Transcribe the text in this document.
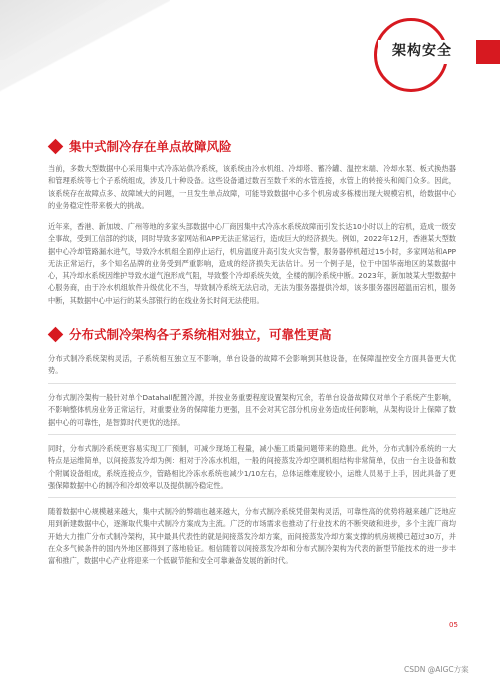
架构安全
集中式制冷存在单点故障风险

当前，多数大型数据中心采用集中式冷冻站供冷系统，该系统由冷水机组、冷却塔、蓄冷罐、温控末端、冷却水泵、板式换热器和管理系统等七个子系统组成，涉及几十种设备。这些设备通过数百至数千米的水管连接，水管上的转接头和阀门众多。因此，该系统存在故障点多、故障域大的问题，一旦发生单点故障，可能导致数据中心多个机房或多栋楼出现大规模宕机，给数据中心的业务稳定性带来极大的挑战。

近年来，香港、新加坡、广州等地的多家头部数据中心厂商因集中式冷冻水系统故障而引发长达10小时以上的宕机，造成一级安全事故，受到工信部的约谈，同时导致多家网站和APP无法正常运行，造成巨大的经济损失。例如，2022年12月，香港某大型数据中心冷却管路漏水进气，导致冷水机组全面停止运行，机房温度升高引发火灾告警，服务器停机超过15小时，多家网站和APP无法正常运行，多个知名品牌的业务受到严重影响，造成的经济损失无法估计。另一个例子是，位于中国华南地区的某数据中心，其冷却水系统因维护导致水道气泡形成气阻，导致整个冷却系统失效，全楼的制冷系统中断。2023年，新加坡某大型数据中心服务商，由于冷水机组软件升级优化不当，导致制冷系统无法启动，无法为服务器提供冷却，该多服务器因超温而宕机，服务中断，其数据中心中运行的某头部银行的在线业务长时间无法使用。

分布式制冷架构各子系统相对独立，可靠性更高

分布式制冷系统架构灵活，子系统相互独立互不影响，单台设备的故障不会影响到其他设备，在保障温控安全方面具备更大优势。

分布式制冷架构一般针对单个Datahall配置冷源，并按业务重要程度设置架构冗余，若单台设备故障仅对单个子系统产生影响，不影响整体机房业务正常运行，对重要业务的保障能力更强，且不会对其它部分机房业务造成任何影响，从架构设计上保障了数据中心的可靠性，是智算时代更优的选择。

同时，分布式制冷系统更容易实现工厂预制，可减少现场工程量，减小施工质量问题带来的隐患。此外，分布式制冷系统的一大特点是运维简单，以间接蒸发冷却为例：相对于冷冻水机组，一般的间接蒸发冷却空调机组结构非常简单，仅由一台主设备和数个附属设备组成，系统连接点少，管路相比冷冻水系统也减少1/10左右，总体运维难度较小，运维人员易于上手，因此具备了更强保障数据中心的制冷和冷却效率以及提供制冷稳定性。

随着数据中心规模越来越大，集中式制冷的弊端也越来越大，分布式制冷系统凭借架构灵活，可靠性高的优势将越来越广泛地应用到新建数据中心，逐渐取代集中式制冷方案成为主流。广泛的市场需求也推动了行业技术的不断突破和进步，多个主流厂商均开始大力推广分布式制冷架构，其中最具代表性的就是间接蒸发冷却方案，而间接蒸发冷却方案支撑的机房规模已超过30万，并在众多气候条件的国内外地区都得到了落地验证。相信随着以间接蒸发冷却和分布式制冷架构为代表的新型节能技术的进一步丰富和推广，数据中心产业将迎来一个低碳节能和安全可靠兼备发展的新时代。

05
CSDN @AIGC方案
